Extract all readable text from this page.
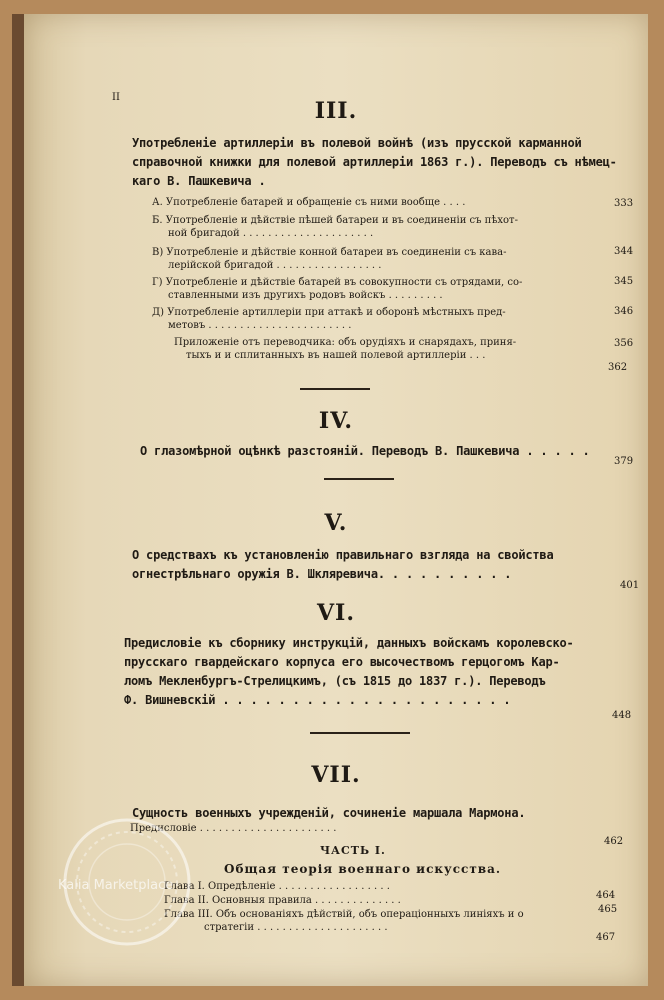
II
III.
Употребленіе артиллеріи въ полевой войнѣ (изъ прусской карманной
справочной книжки для полевой артиллеріи 1863 г.). Переводъ съ нѣмец-
каго В. Пашкевича .
А. Употребленіе батарей и обращеніе съ ними вообще . . . .	333
Б. Употребленіе и дѣйствіе пѣшей батареи и въ соединеніи съ пѣхот-
ной бригадой . . . . . . . . . . . . . . . . . . . . .
В) Употребленіе и дѣйствіе конной батареи въ соединеніи съ кава-
лерійской бригадой . . . . . . . . . . . . . . . . .
344
Г) Употребленіе и дѣйствіе батарей въ совокупности съ отрядами, со-
ставленными изъ другихъ родовъ войскъ . . . . . . . . .
345
Д) Употребленіе артиллеріи при аттакѣ и оборонѣ мѣстныхъ пред-
метовъ . . . . . . . . . . . . . . . . . . . . . . .
346
Приложеніе отъ переводчика: объ орудіяхъ и снарядахъ, приня-
тыхъ и и сплитанныхъ въ нашей полевой артиллеріи . . .
356
362
IV.
О глазомѣрной оцѣнкѣ разстояній. Переводъ В. Пашкевича . . . . .
379
V.
О средствахъ къ установленію правильнаго взгляда на свойства
огнестрѣльнаго оружія В. Шкляревича. . . . . . . . . .
401
VI.
Предисловіе къ сборнику инструкцій, данныхъ войскамъ королевско-
прусскаго гвардейскаго корпуса его высочествомъ герцогомъ Кар-
ломъ Мекленбургъ-Стрелицкимъ, (съ 1815 до 1837 г.). Переводъ
Ф. Вишневскій . . . . . . . . . . . . . . . . . . . . .
448
VII.
Сущность военныхъ учрежденій, сочиненіе маршала Мармона.
Предисловіе . . . . . . . . . . . . . . . . . . . . . .
462
ЧАСТЬ I.
Общая теорія военнаго искусства.
Глава I. Опредѣленіе . . . . . . . . . . . . . . . . . .
464
Глава II. Основныя правила . . . . . . . . . . . . . .
465
Глава III. Объ основаніяхъ дѣйствій, объ операціонныхъ линіяхъ и о
стратегіи . . . . . . . . . . . . . . . . . . . . .
467
Kalia Marketplace
